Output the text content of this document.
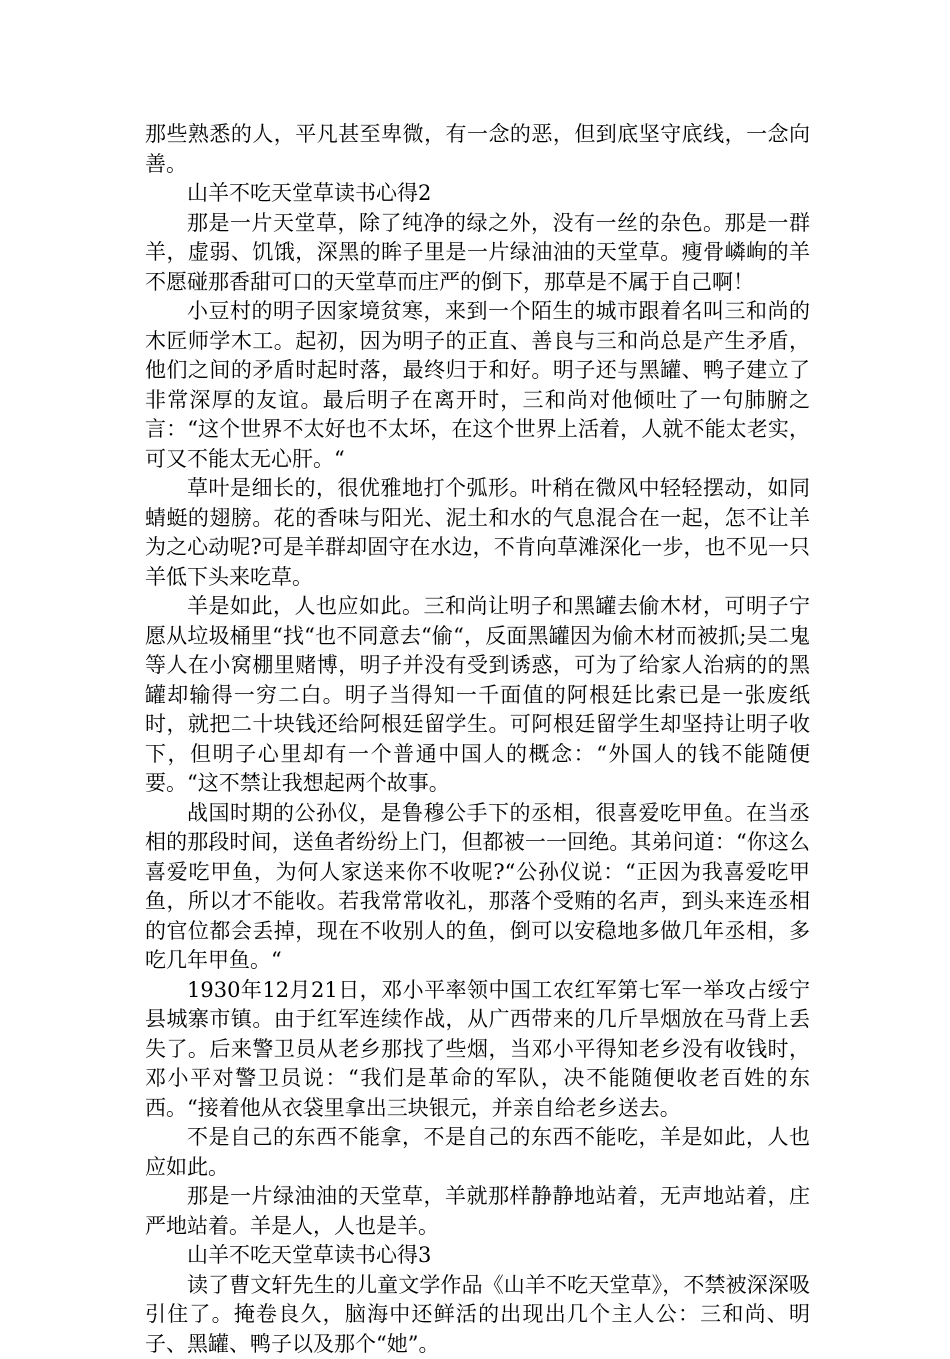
那些熟悉的人，平凡甚至卑微，有一念的恶，但到底坚守底线，一念向善。

山羊不吃天堂草读书心得2

那是一片天堂草，除了纯净的绿之外，没有一丝的杂色。那是一群羊，虚弱、饥饿，深黑的眸子里是一片绿油油的天堂草。瘦骨嶙峋的羊不愿碰那香甜可口的天堂草而庄严的倒下，那草是不属于自己啊！

小豆村的明子因家境贫寒，来到一个陌生的城市跟着名叫三和尚的木匠师学木工。起初，因为明子的正直、善良与三和尚总是产生矛盾，他们之间的矛盾时起时落，最终归于和好。明子还与黑罐、鸭子建立了非常深厚的友谊。最后明子在离开时，三和尚对他倾吐了一句肺腑之言：“这个世界不太好也不太坏，在这个世界上活着，人就不能太老实，可又不能太无心肝。“

草叶是细长的，很优雅地打个弧形。叶稍在微风中轻轻摆动，如同蜻蜓的翅膀。花的香味与阳光、泥土和水的气息混合在一起，怎不让羊为之心动呢?可是羊群却固守在水边，不肯向草滩深化一步，也不见一只羊低下头来吃草。

羊是如此，人也应如此。三和尚让明子和黑罐去偷木材，可明子宁愿从垃圾桶里“找“也不同意去“偷“，反面黑罐因为偷木材而被抓;吴二鬼等人在小窝棚里赌博，明子并没有受到诱惑，可为了给家人治病的的黑罐却输得一穷二白。明子当得知一千面值的阿根廷比索已是一张废纸时，就把二十块钱还给阿根廷留学生。可阿根廷留学生却坚持让明子收下，但明子心里却有一个普通中国人的概念：“外国人的钱不能随便要。“这不禁让我想起两个故事。

战国时期的公孙仪，是鲁穆公手下的丞相，很喜爱吃甲鱼。在当丞相的那段时间，送鱼者纷纷上门，但都被一一回绝。其弟问道：“你这么喜爱吃甲鱼，为何人家送来你不收呢?“公孙仪说：“正因为我喜爱吃甲鱼，所以才不能收。若我常常收礼，那落个受贿的名声，到头来连丞相的官位都会丢掉，现在不收别人的鱼，倒可以安稳地多做几年丞相，多吃几年甲鱼。“

1930年12月21日，邓小平率领中国工农红军第七军一举攻占绥宁县城寨市镇。由于红军连续作战，从广西带来的几斤旱烟放在马背上丢失了。后来警卫员从老乡那找了些烟，当邓小平得知老乡没有收钱时，邓小平对警卫员说：“我们是革命的军队，决不能随便收老百姓的东西。“接着他从衣袋里拿出三块银元，并亲自给老乡送去。

不是自己的东西不能拿，不是自己的东西不能吃，羊是如此，人也应如此。

那是一片绿油油的天堂草，羊就那样静静地站着，无声地站着，庄严地站着。羊是人，人也是羊。

山羊不吃天堂草读书心得3

读了曹文轩先生的儿童文学作品《山羊不吃天堂草》，不禁被深深吸引住了。掩卷良久，脑海中还鲜活的出现出几个主人公：三和尚、明子、黑罐、鸭子以及那个“她”。
